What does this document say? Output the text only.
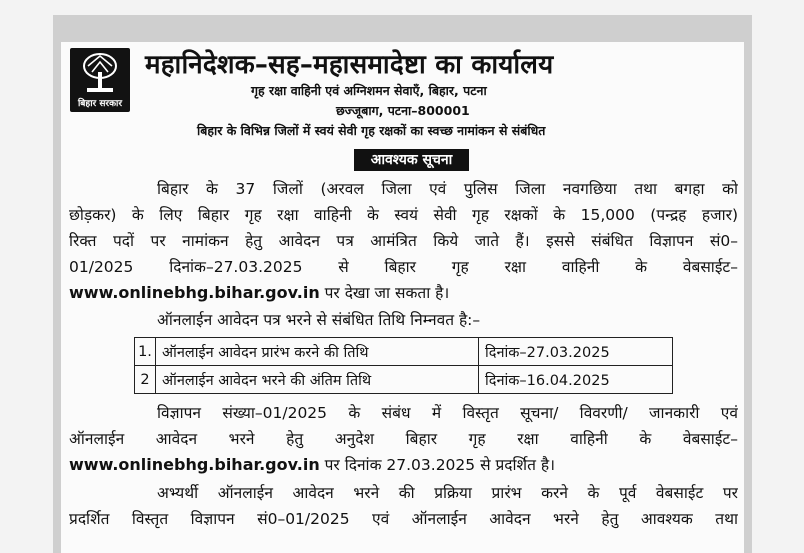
बिहार सरकार
महानिदेशक–सह–महासमादेष्टा का कार्यालय
गृह रक्षा वाहिनी एवं अग्निशमन सेवाएँ, बिहार, पटना
छज्जूबाग, पटना–800001
बिहार के विभिन्न जिलों में स्वयं सेवी गृह रक्षकों का स्वच्छ नामांकन से संबंधित
आवश्यक सूचना
बिहार के 37 जिलों (अरवल जिला एवं पुलिस जिला नवगछिया तथा बगहा को
छोड़कर) के लिए बिहार गृह रक्षा वाहिनी के स्वयं सेवी गृह रक्षकों के 15,000 (पन्द्रह हजार)
रिक्त पदों पर नामांकन हेतु आवेदन पत्र आमंत्रित किये जाते हैं। इससे संबंधित विज्ञापन सं0–
01/2025 दिनांक–27.03.2025 से बिहार गृह रक्षा वाहिनी के वेबसाईट–
www.onlinebhg.bihar.gov.in पर देखा जा सकता है।
ऑनलाईन आवेदन पत्र भरने से संबंधित तिथि निम्नवत है:–
1.	ऑनलाईन आवेदन प्रारंभ करने की तिथि	दिनांक–27.03.2025
2	ऑनलाईन आवेदन भरने की अंतिम तिथि	दिनांक–16.04.2025
विज्ञापन संख्या–01/2025 के संबंध में विस्तृत सूचना/ विवरणी/ जानकारी एवं
ऑनलाईन आवेदन भरने हेतु अनुदेश बिहार गृह रक्षा वाहिनी के वेबसाईट–
www.onlinebhg.bihar.gov.in पर दिनांक 27.03.2025 से प्रदर्शित है।
अभ्यर्थी ऑनलाईन आवेदन भरने की प्रक्रिया प्रारंभ करने के पूर्व वेबसाईट पर
प्रदर्शित विस्तृत विज्ञापन सं0–01/2025 एवं ऑनलाईन आवेदन भरने हेतु आवश्यक तथा
